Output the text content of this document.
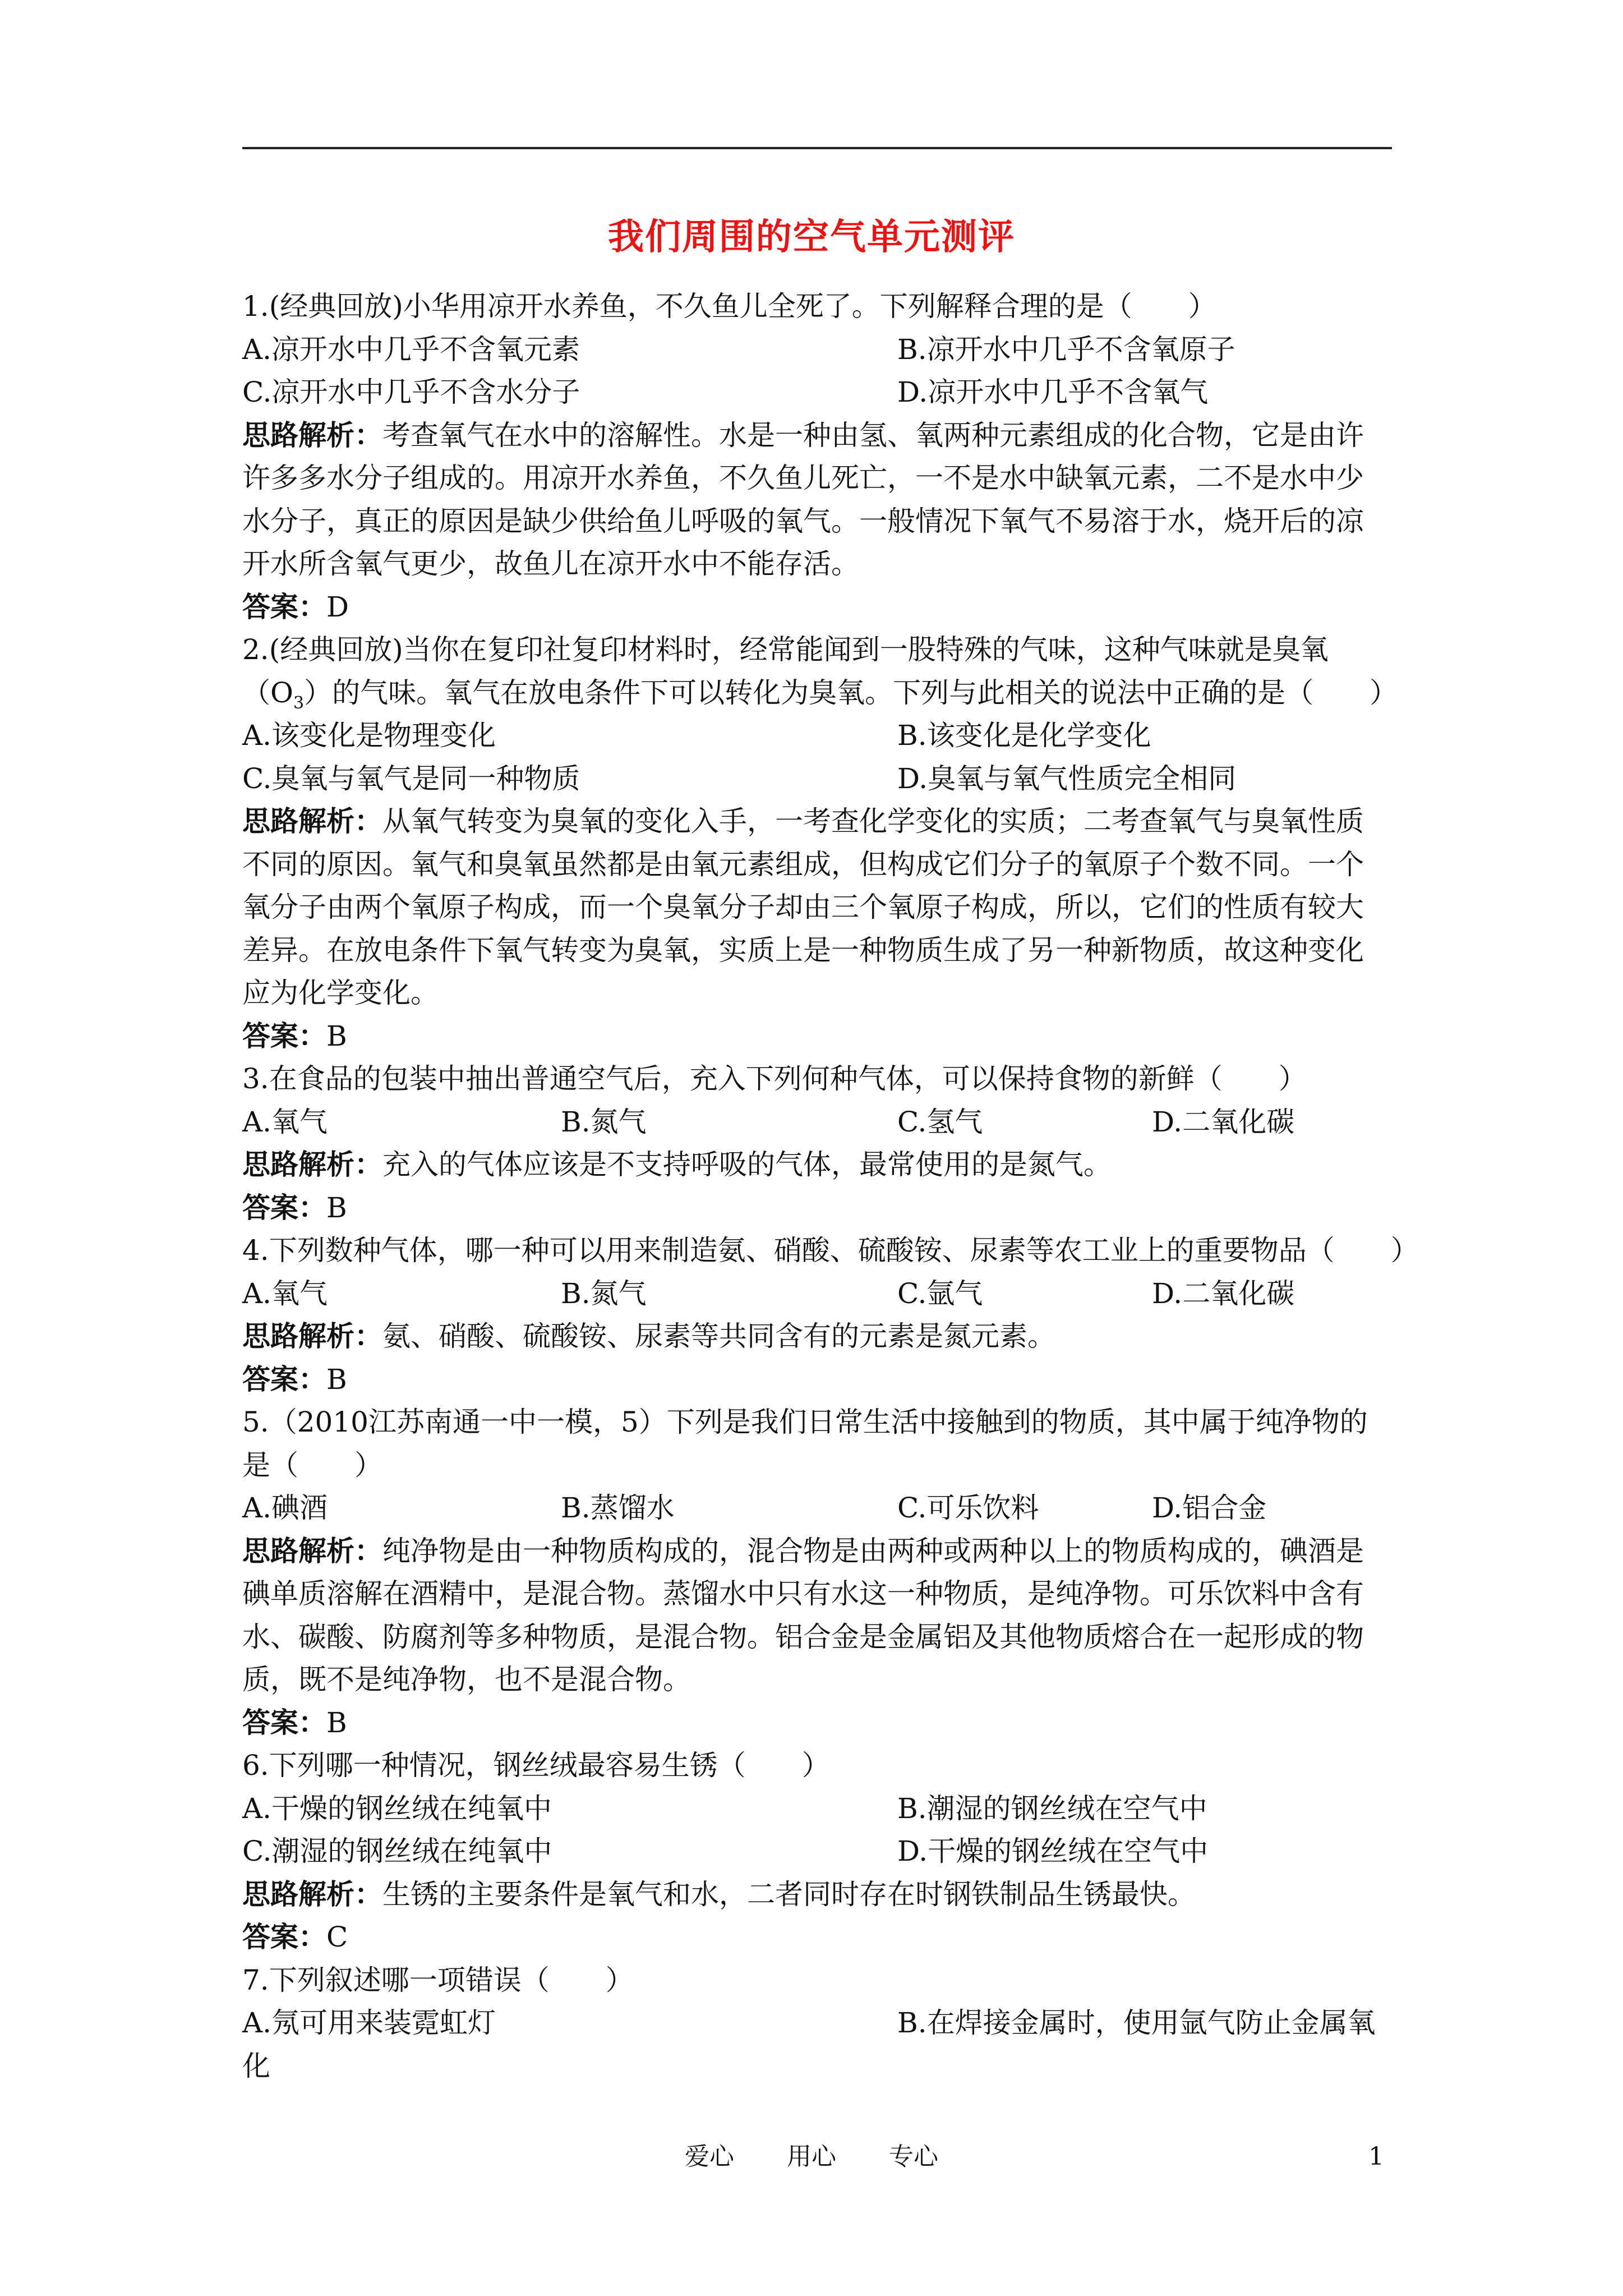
我们周围的空气单元测评
1.(经典回放)小华用凉开水养鱼，不久鱼儿全死了。下列解释合理的是（　　）
A.凉开水中几乎不含氧元素	B.凉开水中几乎不含氧原子
C.凉开水中几乎不含水分子	D.凉开水中几乎不含氧气
思路解析：考查氧气在水中的溶解性。水是一种由氢、氧两种元素组成的化合物，它是由许
许多多水分子组成的。用凉开水养鱼，不久鱼儿死亡，一不是水中缺氧元素，二不是水中少
水分子，真正的原因是缺少供给鱼儿呼吸的氧气。一般情况下氧气不易溶于水，烧开后的凉
开水所含氧气更少，故鱼儿在凉开水中不能存活。
答案：D
2.(经典回放)当你在复印社复印材料时，经常能闻到一股特殊的气味，这种气味就是臭氧
$(O_3)$的气味。氧气在放电条件下可以转化为臭氧。下列与此相关的说法中正确的是（　　）
A.该变化是物理变化	B.该变化是化学变化
C.臭氧与氧气是同一种物质	D.臭氧与氧气性质完全相同
思路解析：从氧气转变为臭氧的变化入手，一考查化学变化的实质；二考查氧气与臭氧性质
不同的原因。氧气和臭氧虽然都是由氧元素组成，但构成它们分子的氧原子个数不同。一个
氧分子由两个氧原子构成，而一个臭氧分子却由三个氧原子构成，所以，它们的性质有较大
差异。在放电条件下氧气转变为臭氧，实质上是一种物质生成了另一种新物质，故这种变化
应为化学变化。
答案：B
3.在食品的包装中抽出普通空气后，充入下列何种气体，可以保持食物的新鲜（　　）
A.氧气	B.氮气	C.氢气	D.二氧化碳
思路解析：充入的气体应该是不支持呼吸的气体，最常使用的是氮气。
答案：B
4.下列数种气体，哪一种可以用来制造氨、硝酸、硫酸铵、尿素等农工业上的重要物品（　　）
A.氧气	B.氮气	C.氩气	D.二氧化碳
思路解析：氨、硝酸、硫酸铵、尿素等共同含有的元素是氮元素。
答案：B
5.（2010江苏南通一中一模，5）下列是我们日常生活中接触到的物质，其中属于纯净物的
是（　　）
A.碘酒	B.蒸馏水	C.可乐饮料	D.铝合金
思路解析：纯净物是由一种物质构成的，混合物是由两种或两种以上的物质构成的，碘酒是
碘单质溶解在酒精中，是混合物。蒸馏水中只有水这一种物质，是纯净物。可乐饮料中含有
水、碳酸、防腐剂等多种物质，是混合物。铝合金是金属铝及其他物质熔合在一起形成的物
质，既不是纯净物，也不是混合物。
答案：B
6.下列哪一种情况，钢丝绒最容易生锈（　　）
A.干燥的钢丝绒在纯氧中	B.潮湿的钢丝绒在空气中
C.潮湿的钢丝绒在纯氧中	D.干燥的钢丝绒在空气中
思路解析：生锈的主要条件是氧气和水，二者同时存在时钢铁制品生锈最快。
答案：C
7.下列叙述哪一项错误（　　）
A.氖可用来装霓虹灯	B.在焊接金属时，使用氩气防止金属氧
化
爱心 用心 专心	1
